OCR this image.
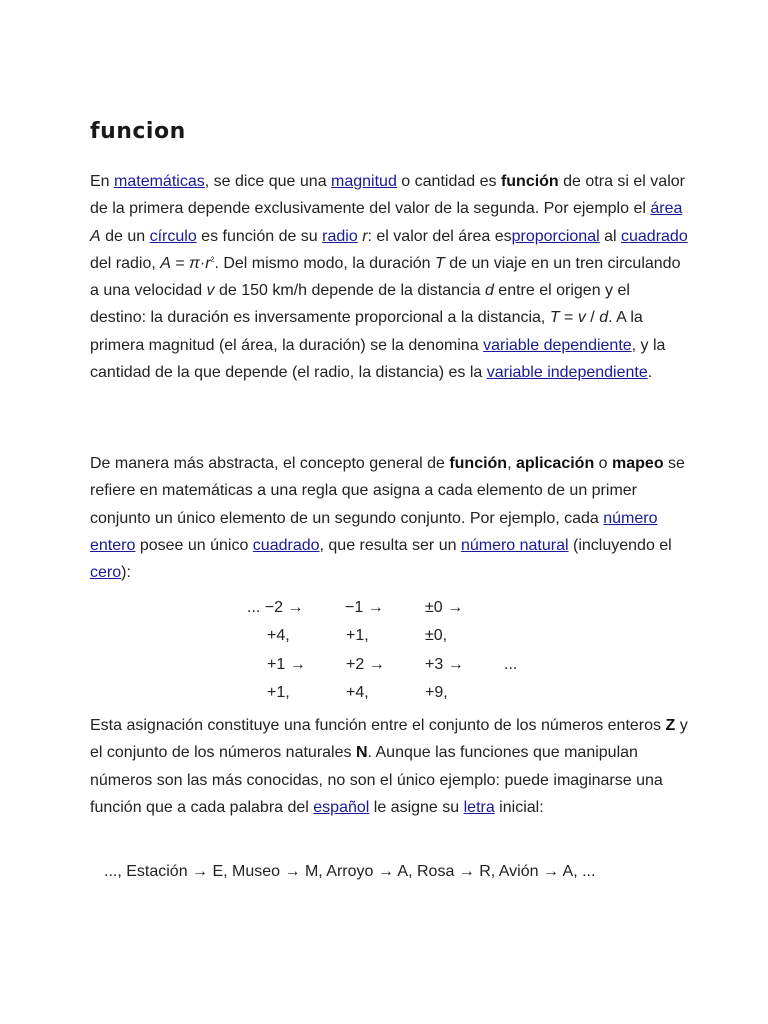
funcion

En matemáticas, se dice que una magnitud o cantidad es función de otra si el valor de la primera depende exclusivamente del valor de la segunda. Por ejemplo el área A de un círculo es función de su radio r: el valor del área esproporcional al cuadrado del radio, $A = \pi\cdot r^2$. Del mismo modo, la duración T de un viaje en un tren circulando a una velocidad v de 150 km/h depende de la distancia d entre el origen y el destino: la duración es inversamente proporcional a la distancia, T = v / d. A la primera magnitud (el área, la duración) se la denomina variable dependiente, y la cantidad de la que depende (el radio, la distancia) es la variable independiente.

De manera más abstracta, el concepto general de función, aplicación o mapeo se refiere en matemáticas a una regla que asigna a cada elemento de un primer conjunto un único elemento de un segundo conjunto. Por ejemplo, cada número entero posee un único cuadrado, que resulta ser un número natural (incluyendo el cero):

... −2 →	−1 →	±0 →
+4,	+1,	±0,
+1 →	+2 →	+3 →	...
+1,	+4,	+9,

Esta asignación constituye una función entre el conjunto de los números enteros Z y el conjunto de los números naturales N. Aunque las funciones que manipulan números son las más conocidas, no son el único ejemplo: puede imaginarse una función que a cada palabra del español le asigne su letra inicial:

..., Estación → E, Museo → M, Arroyo → A, Rosa → R, Avión → A, ...
